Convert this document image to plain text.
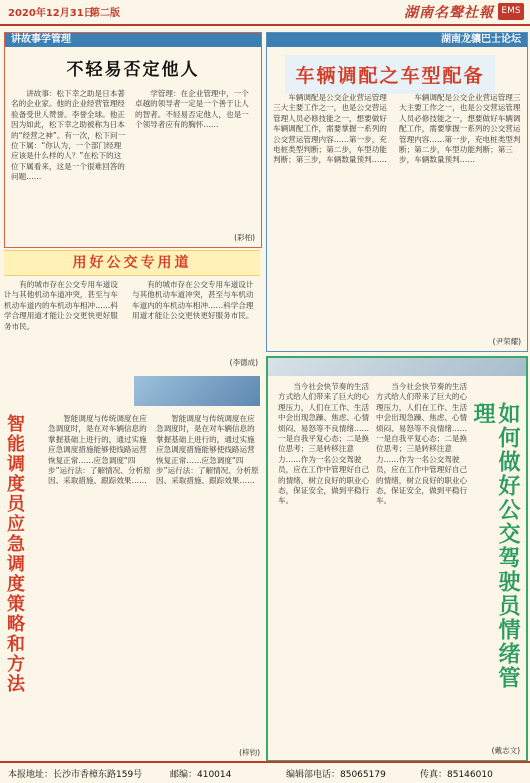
2020年12月31日
第二版	湖南名聲社報 EMS
讲故事学管理
不轻易否定他人

讲故事：松下幸之助是日本著名的企业家。他的企业经营管理经验备受世人赞誉。李誉全球。他正因为如此，松下幸之助被称为日本的“经营之神”。有一次，松下问一位下属：“你认为，一个部门经理应该是什么样的人？”在松下的这位下属看来，这是一个很难回答的问题……

学管理：在企业管理中，一个卓越的领导者一定是一个善于让人的智者。不轻易否定他人，也是一个领导者应有的胸怀……

(彩柏)
湖南龙骧巴士论坛
车辆调配之车型配备

车辆调配是公交企业营运管理三大主要工作之一，也是公交营运管理人员必修技能之一，想要做好车辆调配工作，需要掌握一系列的公交营运管理内容……第一步，充电桩类型判断；第二步，车型功能判断；第三步，车辆数量预判……

车辆调配是公交企业营运管理三大主要工作之一，也是公交营运管理人员必修技能之一，想要做好车辆调配工作，需要掌握一系列的公交营运管理内容……第一步，充电桩类型判断；第二步，车型功能判断；第三步，车辆数量预判……

(尹荣耀)
用好公交专用道

有的城市存在公交专用车道设计与其他机动车道冲突，甚至与车机动车道内的车机动车相冲……科学合理用道才能让公交更快更好服务市民。

有的城市存在公交专用车道设计与其他机动车道冲突，甚至与车机动车道内的车机动车相冲……科学合理用道才能让公交更快更好服务市民。

(李德成)
智能调度员应急调度策略和方法	智能调度与传统调度在应急调度时，是在对车辆信息的掌握基础上进行的，通过实施应急调度措施能够使线路运营恢复正常……应急调度“四步”运行法：了解情况、分析原因、采取措施、跟踪效果……

智能调度与传统调度在应急调度时，是在对车辆信息的掌握基础上进行的，通过实施应急调度措施能够使线路运营恢复正常……应急调度“四步”运行法：了解情况、分析原因、采取措施、跟踪效果……

(梓钧)

当今社会快节奏的生活方式给人们带来了巨大的心理压力，人们在工作、生活中会出现急躁、焦虑、心情烦闷、易怒等不良情绪……一是自我平复心态；二是换位思考；三是转移注意力……作为一名公交驾驶员，应在工作中管理好自己的情绪，树立良好的职业心态，保证安全，做到平稳行车。

当今社会快节奏的生活方式给人们带来了巨大的心理压力，人们在工作、生活中会出现急躁、焦虑、心情烦闷、易怒等不良情绪……一是自我平复心态；二是换位思考；三是转移注意力……作为一名公交驾驶员，应在工作中管理好自己的情绪，树立良好的职业心态，保证安全，做到平稳行车。	如何做好公交驾驶员情绪管理
(戴志文)
本报地址：长沙市香樟东路159号	邮编：410014	编辑部电话：85065179	传真：85146010
